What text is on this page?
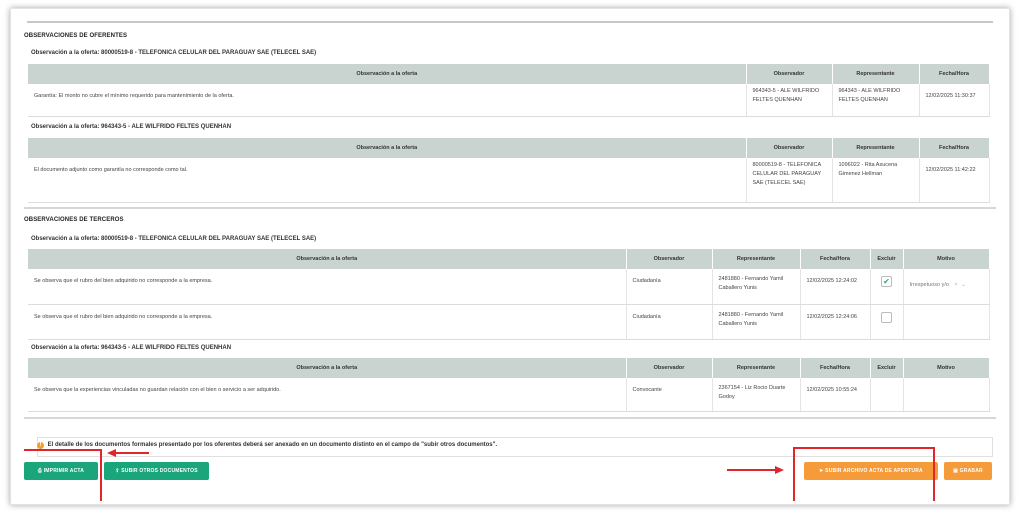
OBSERVACIONES DE OFERENTES
Observación a la oferta: 80000519-8 - TELEFONICA CELULAR DEL PARAGUAY SAE (TELECEL SAE)
Observación a la oferta	Observador	Representante	Fecha/Hora
Garantía: El monto no cubre el mínimo requerido para mantenimiento de la oferta.	964343-5 - ALE WILFRIDO FELTES QUENHAN	964343 - ALE WILFRIDO FELTES QUENHAN	12/02/2025 11:30:37
Observación a la oferta: 964343-5 - ALE WILFRIDO FELTES QUENHAN
Observación a la oferta	Observador	Representante	Fecha/Hora
El documento adjunto como garantía no corresponde como tal.	80000519-8 - TELEFONICA CELULAR DEL PARAGUAY SAE (TELECEL SAE)	1096022 - Rita Asucena Gimenez Hellman	12/02/2025 11:42:22
OBSERVACIONES DE TERCEROS
Observación a la oferta: 80000519-8 - TELEFONICA CELULAR DEL PARAGUAY SAE (TELECEL SAE)
Observación a la oferta	Observador	Representante	Fecha/Hora	Excluir	Motivo
Se observa que el rubro del bien adquirido no corresponde a la empresa.	Ciudadanía	2481880 - Fernando Yamil Caballero Yunis	12/02/2025 12:24:02	✔	Irrespetuoso y/o × ⌄
Se observa que el rubro del bien adquirido no corresponde a la empresa.	Ciudadanía	2481880 - Fernando Yamil Caballero Yunis	12/02/2025 12:24:06		
Observación a la oferta: 964343-5 - ALE WILFRIDO FELTES QUENHAN
Observación a la oferta	Observador	Representante	Fecha/Hora	Excluir	Motivo
Se observa que la experiencias vinculadas no guardan relación con el bien o servicio a ser adquirido.	Convocante	2367154 - Liz Rocio Duarte Godoy	12/02/2025 10:55:24		
! El detalle de los documentos formales presentado por los oferentes deberá ser anexado en un documento distinto en el campo de "subir otros documentos".
⎙ IMPRIMIR ACTA	⇪ SUBIR OTROS DOCUMENTOS	➤ SUBIR ARCHIVO ACTA DE APERTURA	▣ GRABAR
